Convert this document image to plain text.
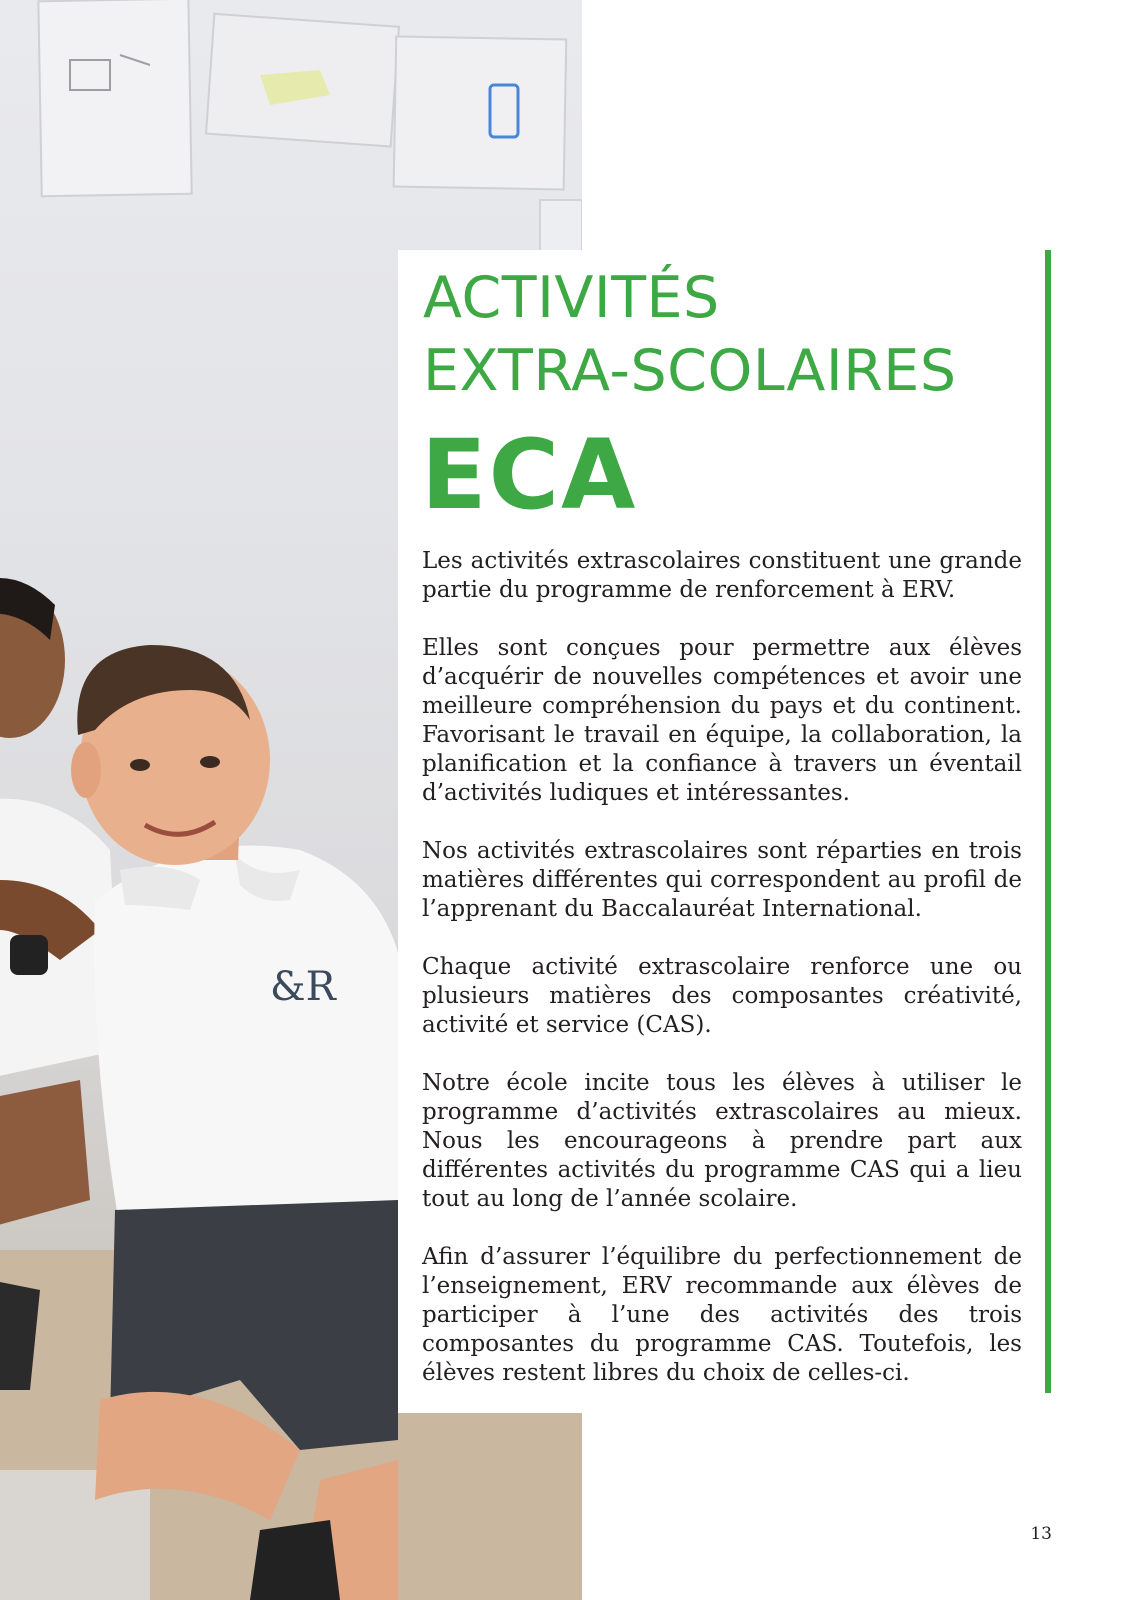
&R
ACTIVITÉS
EXTRA-SCOLAIRES
ECA

Les activités extrascolaires constituent une grande partie du programme de renforcement à ERV.

Elles sont conçues pour permettre aux élèves d’acquérir de nouvelles compétences et avoir une meilleure compréhension du pays et du continent. Favorisant le travail en équipe, la collaboration, la planification et la confiance à travers un éventail d’activités ludiques et intéressantes.

Nos activités extrascolaires sont réparties en trois matières différentes qui correspondent au profil de l’apprenant du Baccalauréat International.

Chaque activité extrascolaire renforce une ou plusieurs matières des composantes créativité, activité et service (CAS).

Notre école incite tous les élèves à utiliser le programme d’activités extrascolaires au mieux. Nous les encourageons à prendre part aux différentes activités du programme CAS qui a lieu tout au long de l’année scolaire.

Afin d’assurer l’équilibre du perfectionnement de l’enseignement, ERV recommande aux élèves de participer à l’une des activités des trois composantes du programme CAS. Toutefois, les élèves restent libres du choix de celles-ci.

13
